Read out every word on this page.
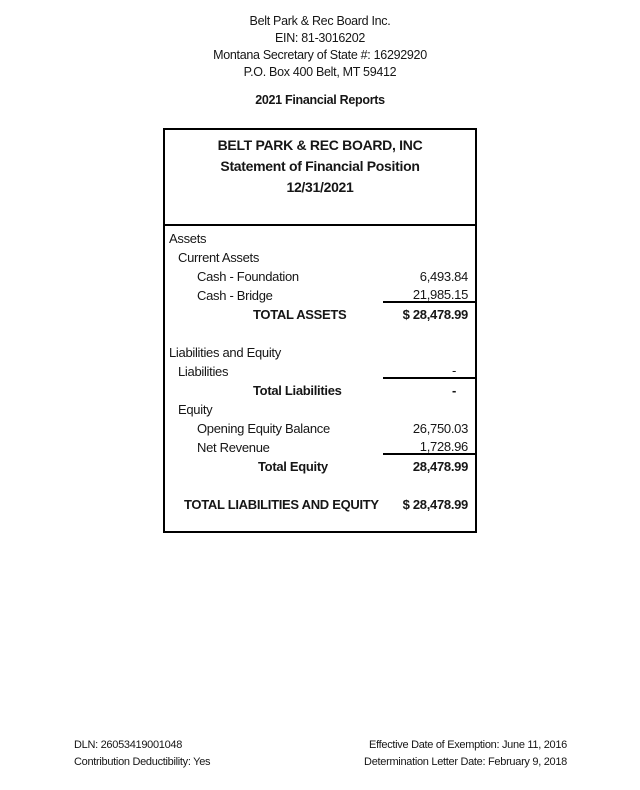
Belt Park & Rec Board Inc.
EIN: 81-3016202
Montana Secretary of State #: 16292920
P.O. Box 400 Belt, MT 59412
2021 Financial Reports
BELT PARK & REC BOARD, INC
Statement of Financial Position
12/31/2021
Assets
Current Assets
Cash - Foundation	6,493.84
Cash - Bridge	21,985.15
TOTAL ASSETS	$ 28,478.99
Liabilities and Equity
Liabilities	-
Total Liabilities	-
Equity
Opening Equity Balance	26,750.03
Net Revenue	1,728.96
Total Equity	28,478.99
TOTAL LIABILITIES AND EQUITY	$ 28,478.99
DLN: 26053419001048
Contribution Deductibility: Yes
Effective Date of Exemption: June 11, 2016
Determination Letter Date: February 9, 2018
